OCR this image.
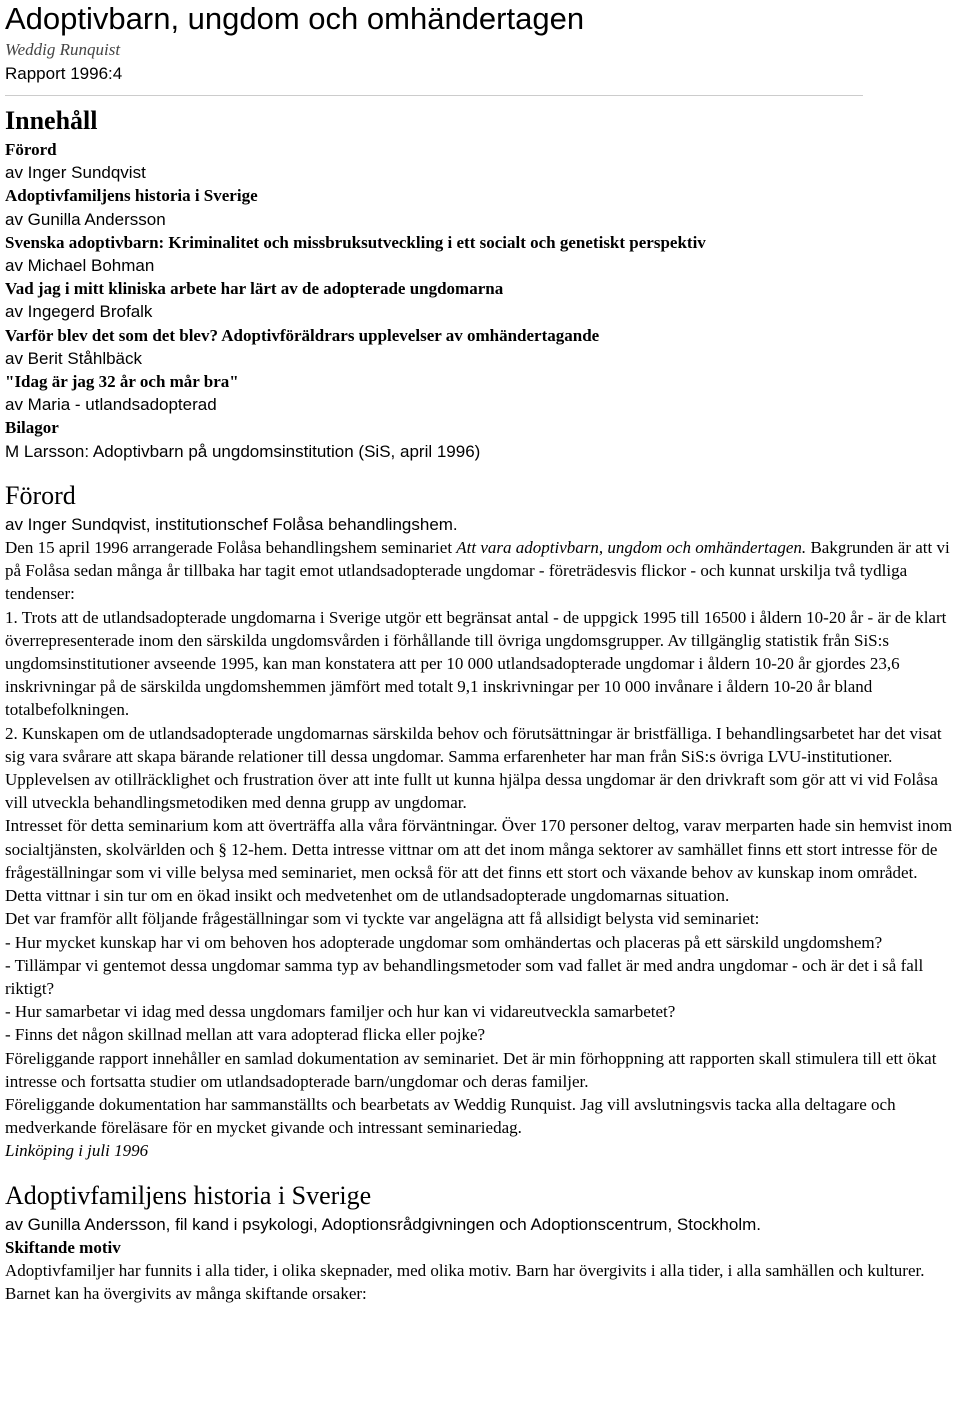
Adoptivbarn, ungdom och omhändertagen
Weddig Runquist
Rapport 1996:4
Innehåll
Förord
av Inger Sundqvist
Adoptivfamiljens historia i Sverige
av Gunilla Andersson
Svenska adoptivbarn: Kriminalitet och missbruksutveckling i ett socialt och genetiskt perspektiv
av Michael Bohman
Vad jag i mitt kliniska arbete har lärt av de adopterade ungdomarna
av Ingegerd Brofalk
Varför blev det som det blev? Adoptivföräldrars upplevelser av omhändertagande
av Berit Ståhlbäck
"Idag är jag 32 år och mår bra"
av Maria - utlandsadopterad
Bilagor
M Larsson: Adoptivbarn på ungdomsinstitution (SiS, april 1996)
Förord

av Inger Sundqvist, institutionschef Folåsa behandlingshem.

Den 15 april 1996 arrangerade Folåsa behandlingshem seminariet Att vara adoptivbarn, ungdom och omhändertagen. Bakgrunden är att vi på Folåsa sedan många år tillbaka har tagit emot utlandsadopterade ungdomar - företrädesvis flickor - och kunnat urskilja två tydliga tendenser:

1. Trots att de utlandsadopterade ungdomarna i Sverige utgör ett begränsat antal - de uppgick 1995 till 16500 i åldern 10-20 år - är de klart överrepresenterade inom den särskilda ungdomsvården i förhållande till övriga ungdomsgrupper. Av tillgänglig statistik från SiS:s ungdomsinstitutioner avseende 1995, kan man konstatera att per 10 000 utlandsadopterade ungdomar i åldern 10-20 år gjordes 23,6 inskrivningar på de särskilda ungdomshemmen jämfört med totalt 9,1 inskrivningar per 10 000 invånare i åldern 10-20 år bland totalbefolkningen.

2. Kunskapen om de utlandsadopterade ungdomarnas särskilda behov och förutsättningar är bristfälliga. I behandlingsarbetet har det visat sig vara svårare att skapa bärande relationer till dessa ungdomar. Samma erfarenheter har man från SiS:s övriga LVU-institutioner. Upplevelsen av otillräcklighet och frustration över att inte fullt ut kunna hjälpa dessa ungdomar är den drivkraft som gör att vi vid Folåsa vill utveckla behandlingsmetodiken med denna grupp av ungdomar.

Intresset för detta seminarium kom att överträffa alla våra förväntningar. Över 170 personer deltog, varav merparten hade sin hemvist inom socialtjänsten, skolvärlden och § 12-hem. Detta intresse vittnar om att det inom många sektorer av samhället finns ett stort intresse för de frågeställningar som vi ville belysa med seminariet, men också för att det finns ett stort och växande behov av kunskap inom området. Detta vittnar i sin tur om en ökad insikt och medvetenhet om de utlandsadopterade ungdomarnas situation.

Det var framför allt följande frågeställningar som vi tyckte var angelägna att få allsidigt belysta vid seminariet:

- Hur mycket kunskap har vi om behoven hos adopterade ungdomar som omhändertas och placeras på ett särskild ungdomshem?

- Tillämpar vi gentemot dessa ungdomar samma typ av behandlingsmetoder som vad fallet är med andra ungdomar - och är det i så fall riktigt?

- Hur samarbetar vi idag med dessa ungdomars familjer och hur kan vi vidareutveckla samarbetet?

- Finns det någon skillnad mellan att vara adopterad flicka eller pojke?

Föreliggande rapport innehåller en samlad dokumentation av seminariet. Det är min förhoppning att rapporten skall stimulera till ett ökat intresse och fortsatta studier om utlandsadopterade barn/ungdomar och deras familjer.

Föreliggande dokumentation har sammanställts och bearbetats av Weddig Runquist. Jag vill avslutningsvis tacka alla deltagare och medverkande föreläsare för en mycket givande och intressant seminariedag.

Linköping i juli 1996

Adoptivfamiljens historia i Sverige

av Gunilla Andersson, fil kand i psykologi, Adoptionsrådgivningen och Adoptionscentrum, Stockholm.

Skiftande motiv

Adoptivfamiljer har funnits i alla tider, i olika skepnader, med olika motiv. Barn har övergivits i alla tider, i alla samhällen och kulturer. Barnet kan ha övergivits av många skiftande orsaker:
